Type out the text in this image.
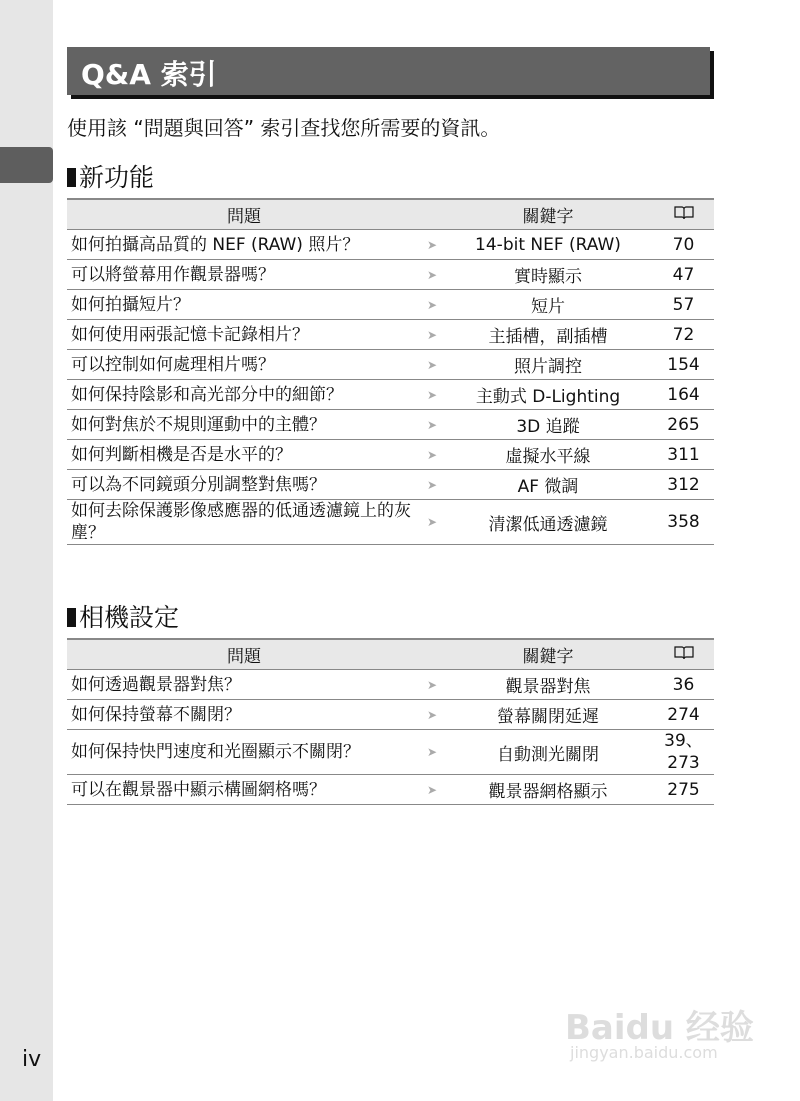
Q&A 索引
使用該 “問題與回答” 索引查找您所需要的資訊。
新功能
問題		關鍵字	
如何拍攝高品質的 NEF (RAW) 照片？	➤	14-bit NEF (RAW)	70
可以將螢幕用作觀景器嗎？	➤	實時顯示	47
如何拍攝短片？	➤	短片	57
如何使用兩張記憶卡記錄相片？	➤	主插槽，副插槽	72
可以控制如何處理相片嗎？	➤	照片調控	154
如何保持陰影和高光部分中的細節？	➤	主動式 D-Lighting	164
如何對焦於不規則運動中的主體？	➤	3D 追蹤	265
如何判斷相機是否是水平的？	➤	虛擬水平線	311
可以為不同鏡頭分別調整對焦嗎？	➤	AF 微調	312
如何去除保護影像感應器的低通透濾鏡上的灰塵？	➤	清潔低通透濾鏡	358
相機設定
問題		關鍵字	
如何透過觀景器對焦？	➤	觀景器對焦	36
如何保持螢幕不關閉？	➤	螢幕關閉延遲	274
如何保持快門速度和光圈顯示不關閉？	➤	自動測光關閉	39、273
可以在觀景器中顯示構圖網格嗎？	➤	觀景器網格顯示	275
iv
Baidu 经验
jingyan.baidu.com
